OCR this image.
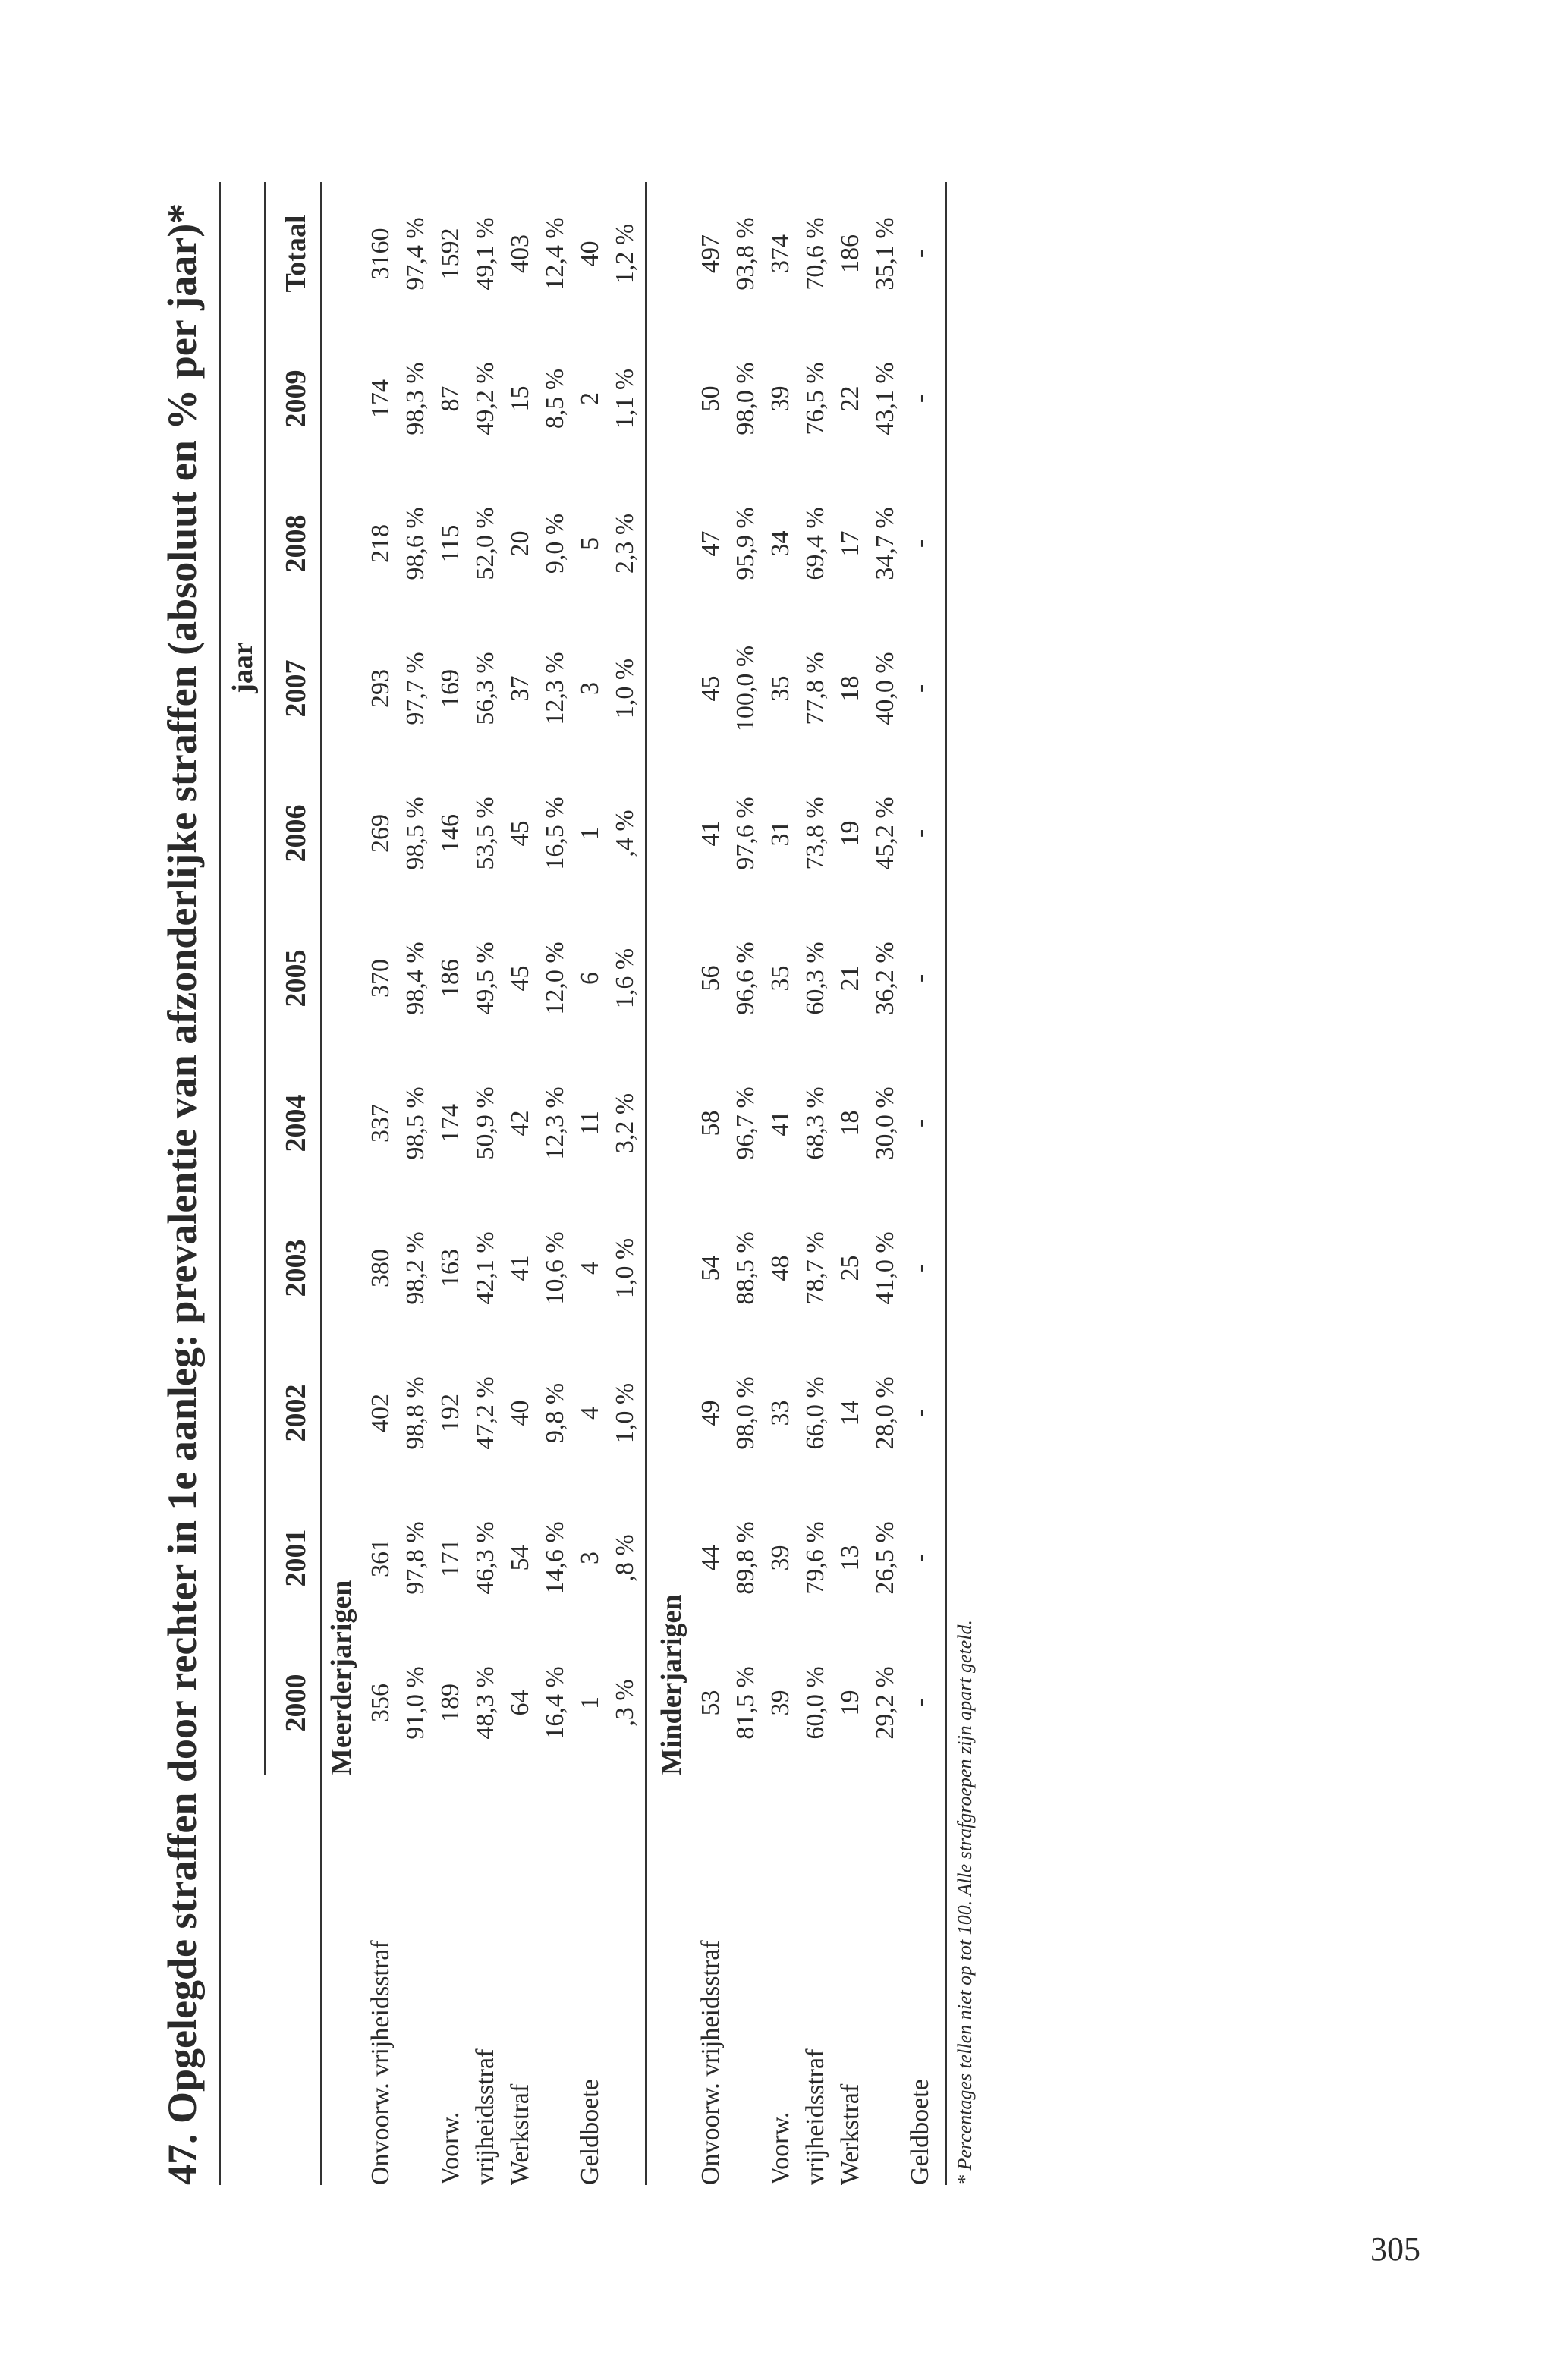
47. Opgelegde straffen door rechter in 1e aanleg: prevalentie van afzonderlijke straffen (absoluut en % per jaar)* jaar
2000
2001
2002
2003
2004
2005
2006
2007
2008
2009
Totaal
Meerderjarigen
Onvoorw. vrijheidsstraf
356
361
402
380
337
370
269
293
218
174
3160
91,0 %
97,8 %
98,8 %
98,2 %
98,5 %
98,4 %
98,5 %
97,7 %
98,6 %
98,3 %
97,4 %
Voorw.
189
171
192
163
174
186
146
169
115
87
1592
vrijheidsstraf
48,3 %
46,3 %
47,2 %
42,1 %
50,9 %
49,5 %
53,5 %
56,3 %
52,0 %
49,2 %
49,1 %
Werkstraf
64
54
40
41
42
45
45
37
20
15
403
16,4 %
14,6 %
9,8 %
10,6 %
12,3 %
12,0 %
16,5 %
12,3 %
9,0 %
8,5 %
12,4 %
Geldboete
1
3
4
4
11
6
1
3
5
2
40
,3 %
,8 %
1,0 %
1,0 %
3,2 %
1,6 %
,4 %
1,0 %
2,3 %
1,1 %
1,2 %
Minderjarigen
Onvoorw. vrijheidsstraf
53
44
49
54
58
56
41
45
47
50
497
81,5 %
89,8 %
98,0 %
88,5 %
96,7 %
96,6 %
97,6 %
100,0 %
95,9 %
98,0 %
93,8 %
Voorw.
39
39
33
48
41
35
31
35
34
39
374
vrijheidsstraf
60,0 %
79,6 %
66,0 %
78,7 %
68,3 %
60,3 %
73,8 %
77,8 %
69,4 %
76,5 %
70,6 %
Werkstraf
19
13
14
25
18
21
19
18
17
22
186
29,2 %
26,5 %
28,0 %
41,0 %
30,0 %
36,2 %
45,2 %
40,0 %
34,7 %
43,1 %
35,1 %
Geldboete
-
-
-
-
-
-
-
-
-
-
-
* Percentages tellen niet op tot 100. Alle strafgroepen zijn apart geteld.
305
